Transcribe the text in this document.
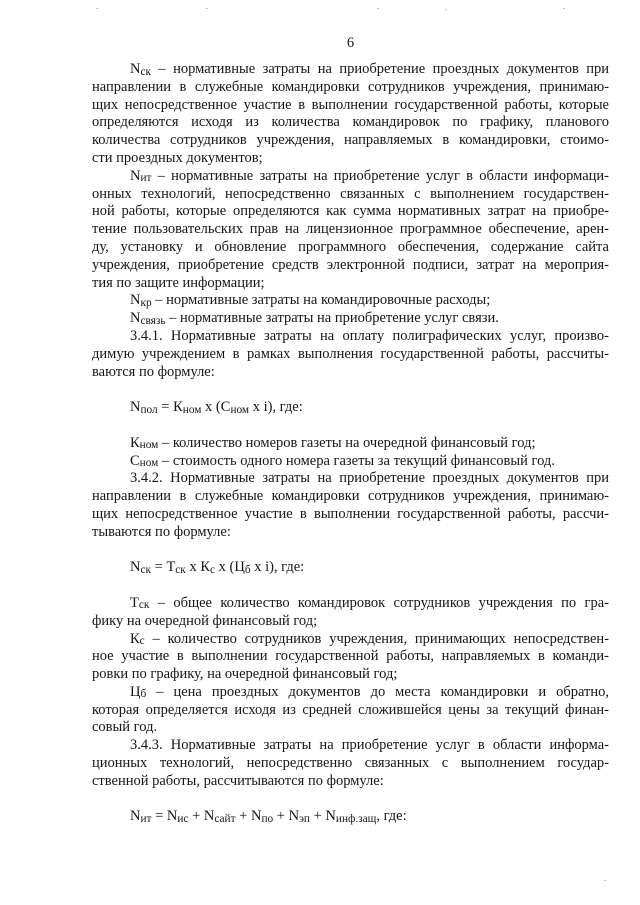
6
Nск – нормативные затраты на приобретение проездных документов при
направлении в служебные командировки сотрудников учреждения, принимаю-
щих непосредственное участие в выполнении государственной работы, которые
определяются исходя из количества командировок по графику, планового
количества сотрудников учреждения, направляемых в командировки, стоимо-
сти проездных документов;
Nит – нормативные затраты на приобретение услуг в области информаци-
онных технологий, непосредственно связанных с выполнением государствен-
ной работы, которые определяются как сумма нормативных затрат на приобре-
тение пользовательских прав на лицензионное программное обеспечение, арен-
ду, установку и обновление программного обеспечения, содержание сайта
учреждения, приобретение средств электронной подписи, затрат на мероприя-
тия по защите информации;
Nкр – нормативные затраты на командировочные расходы;
Nсвязь – нормативные затраты на приобретение услуг связи.
3.4.1. Нормативные затраты на оплату полиграфических услуг, произво-
димую учреждением в рамках выполнения государственной работы, рассчиты-
ваются по формуле:
Nпол = Кном х (Сном х i), где:
Кном – количество номеров газеты на очередной финансовый год;
Сном – стоимость одного номера газеты за текущий финансовый год.
3.4.2. Нормативные затраты на приобретение проездных документов при
направлении в служебные командировки сотрудников учреждения, принимаю-
щих непосредственное участие в выполнении государственной работы, рассчи-
тываются по формуле:
Nск = Тск х Кс х (Цб х i), где:
Тск – общее количество командировок сотрудников учреждения по гра-
фику на очередной финансовый год;
Кс – количество сотрудников учреждения, принимающих непосредствен-
ное участие в выполнении государственной работы, направляемых в команди-
ровки по графику, на очередной финансовый год;
Цб – цена проездных документов до места командировки и обратно,
которая определяется исходя из средней сложившейся цены за текущий финан-
совый год.
3.4.3. Нормативные затраты на приобретение услуг в области информа-
ционных технологий, непосредственно связанных с выполнением государ-
ственной работы, рассчитываются по формуле:
Nит = Nис + Nсайт + Nпо + Nэп + Nинф.защ, где:
